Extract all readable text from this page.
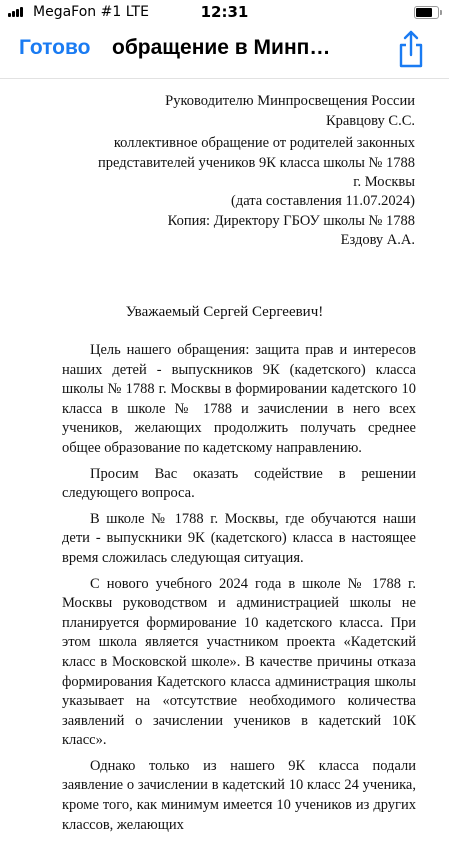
MegaFon #1 LTE	12:31
Готово обращение в Минп…
Руководителю Минпросвещения России
Кравцову С.С.
коллективное обращение от родителей законных
представителей учеников 9К класса школы № 1788
г. Москвы
(дата составления 11.07.2024)
Копия: Директору ГБОУ школы № 1788
Ездову А.А.
Уважаемый Сергей Сергеевич!

Цель нашего обращения: защита прав и интересов наших детей - выпускников 9К (кадетского) класса школы № 1788 г. Москвы в формировании кадетского 10 класса в школе № 1788 и зачислении в него всех учеников, желающих продолжить получать среднее общее образование по кадетскому направлению.

Просим Вас оказать содействие в решении следующего вопроса.

В школе № 1788 г. Москвы, где обучаются наши дети - выпускники 9К (кадетского) класса в настоящее время сложилась следующая ситуация.

С нового учебного 2024 года в школе № 1788 г. Москвы руководством и администрацией школы не планируется формирование 10 кадетского класса. При этом школа является участником проекта «Кадетский класс в Московской школе». В качестве причины отказа формирования Кадетского класса администрация школы указывает на «отсутствие необходимого количества заявлений о зачислении учеников в кадетский 10К класс».

Однако только из нашего 9К класса подали заявление о зачислении в кадетский 10 класс 24 ученика, кроме того, как минимум имеется 10 учеников из других классов, желающих
